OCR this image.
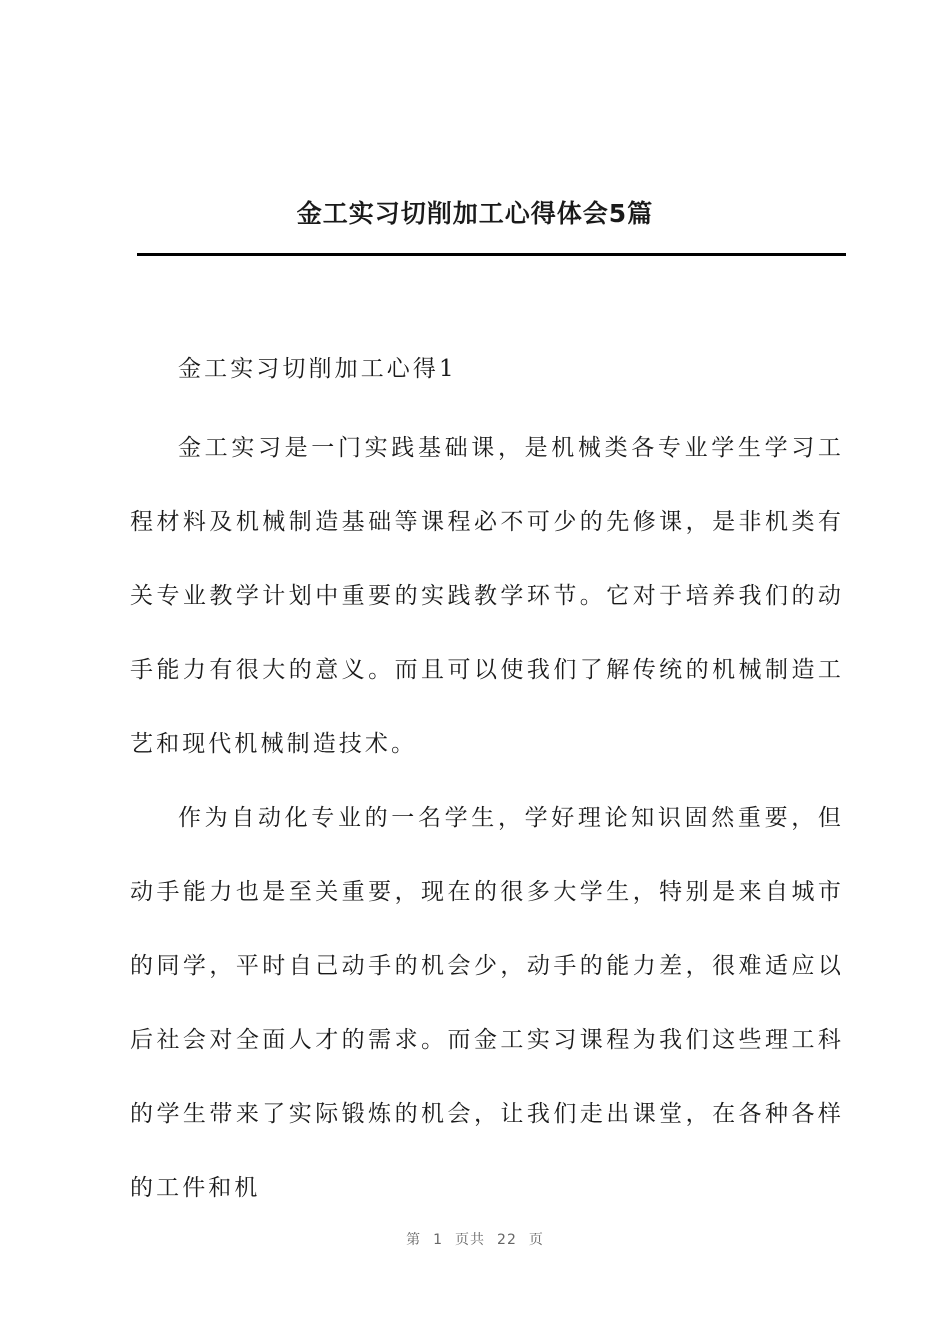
金工实习切削加工心得体会5篇
金工实习切削加工心得1

金工实习是一门实践基础课，是机械类各专业学生学习工程材料及机械制造基础等课程必不可少的先修课，是非机类有关专业教学计划中重要的实践教学环节。它对于培养我们的动手能力有很大的意义。而且可以使我们了解传统的机械制造工艺和现代机械制造技术。

作为自动化专业的一名学生，学好理论知识固然重要，但动手能力也是至关重要，现在的很多大学生，特别是来自城市的同学，平时自己动手的机会少，动手的能力差，很难适应以后社会对全面人才的需求。而金工实习课程为我们这些理工科的学生带来了实际锻炼的机会，让我们走出课堂，在各种各样的工件和机

第 1 页共 22 页
